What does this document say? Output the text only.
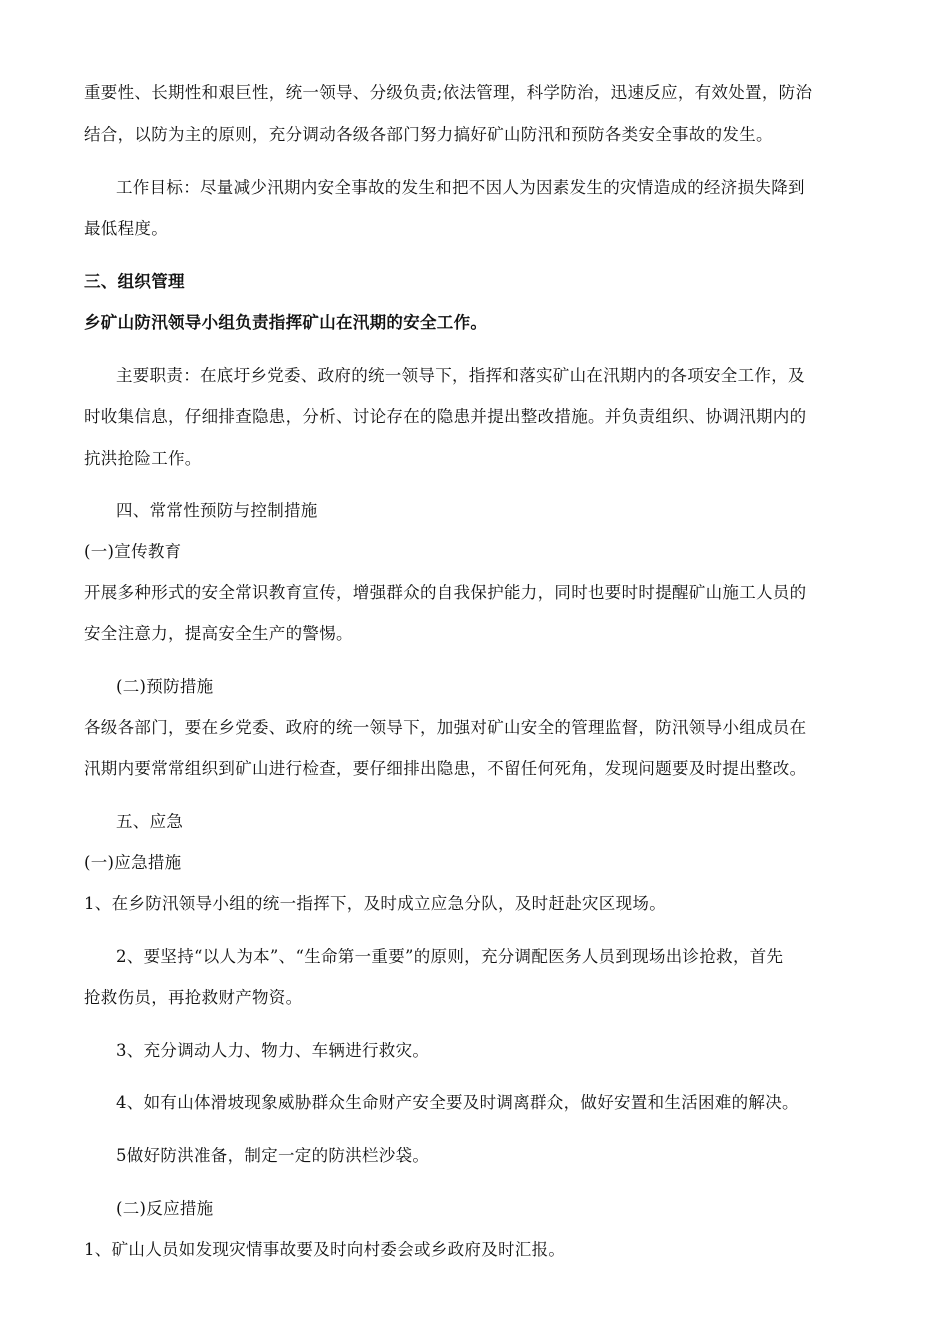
重要性、长期性和艰巨性，统一领导、分级负责;依法管理，科学防治，迅速反应，有效处置，防治
结合，以防为主的原则，充分调动各级各部门努力搞好矿山防汛和预防各类安全事故的发生。
工作目标：尽量减少汛期内安全事故的发生和把不因人为因素发生的灾情造成的经济损失降到
最低程度。
三、组织管理
乡矿山防汛领导小组负责指挥矿山在汛期的安全工作。
主要职责：在底圩乡党委、政府的统一领导下，指挥和落实矿山在汛期内的各项安全工作，及
时收集信息，仔细排查隐患，分析、讨论存在的隐患并提出整改措施。并负责组织、协调汛期内的
抗洪抢险工作。
四、常常性预防与控制措施
(一)宣传教育
开展多种形式的安全常识教育宣传，增强群众的自我保护能力，同时也要时时提醒矿山施工人员的
安全注意力，提高安全生产的警惕。
(二)预防措施
各级各部门，要在乡党委、政府的统一领导下，加强对矿山安全的管理监督，防汛领导小组成员在
汛期内要常常组织到矿山进行检查，要仔细排出隐患，不留任何死角，发现问题要及时提出整改。
五、应急
(一)应急措施
1、在乡防汛领导小组的统一指挥下，及时成立应急分队，及时赶赴灾区现场。
2、要坚持“以人为本”、“生命第一重要”的原则，充分调配医务人员到现场出诊抢救，首先
抢救伤员，再抢救财产物资。
3、充分调动人力、物力、车辆进行救灾。
4、如有山体滑坡现象威胁群众生命财产安全要及时调离群众，做好安置和生活困难的解决。
5做好防洪准备，制定一定的防洪栏沙袋。
(二)反应措施
1、矿山人员如发现灾情事故要及时向村委会或乡政府及时汇报。
